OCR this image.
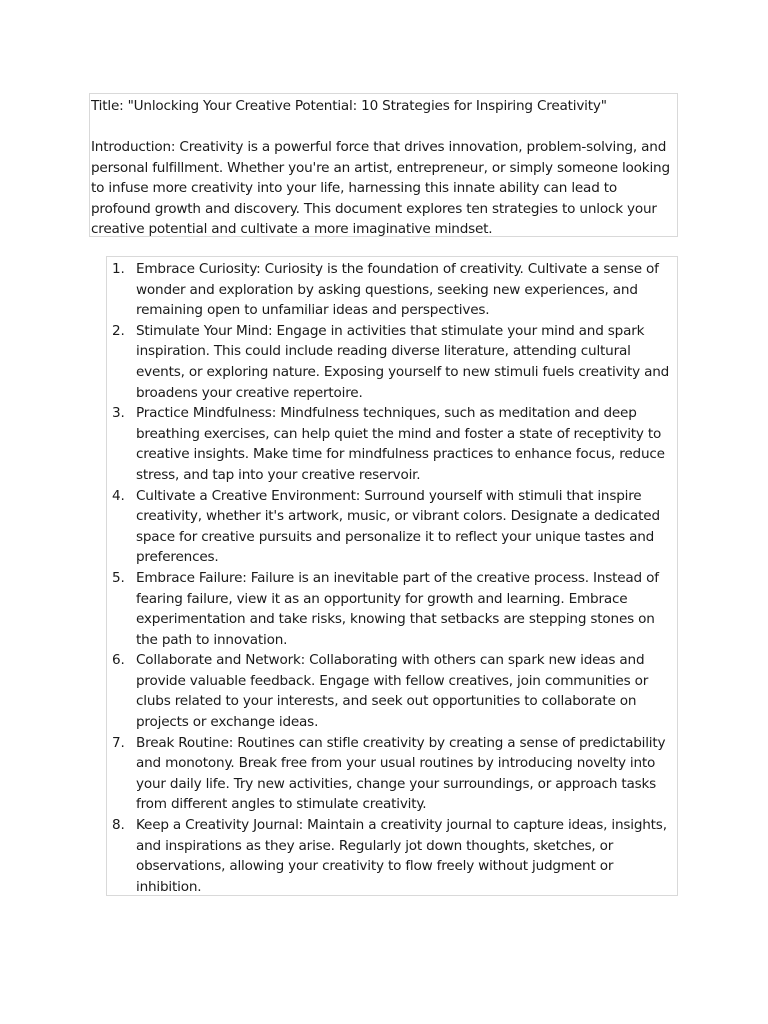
Title: "Unlocking Your Creative Potential: 10 Strategies for Inspiring Creativity"

Introduction: Creativity is a powerful force that drives innovation, problem-solving, and personal fulfillment. Whether you're an artist, entrepreneur, or simply someone looking to infuse more creativity into your life, harnessing this innate ability can lead to profound growth and discovery. This document explores ten strategies to unlock your creative potential and cultivate a more imaginative mindset.

1. Embrace Curiosity: Curiosity is the foundation of creativity. Cultivate a sense of wonder and exploration by asking questions, seeking new experiences, and remaining open to unfamiliar ideas and perspectives.
2. Stimulate Your Mind: Engage in activities that stimulate your mind and spark inspiration. This could include reading diverse literature, attending cultural events, or exploring nature. Exposing yourself to new stimuli fuels creativity and broadens your creative repertoire.
3. Practice Mindfulness: Mindfulness techniques, such as meditation and deep breathing exercises, can help quiet the mind and foster a state of receptivity to creative insights. Make time for mindfulness practices to enhance focus, reduce stress, and tap into your creative reservoir.
4. Cultivate a Creative Environment: Surround yourself with stimuli that inspire creativity, whether it's artwork, music, or vibrant colors. Designate a dedicated space for creative pursuits and personalize it to reflect your unique tastes and preferences.
5. Embrace Failure: Failure is an inevitable part of the creative process. Instead of fearing failure, view it as an opportunity for growth and learning. Embrace experimentation and take risks, knowing that setbacks are stepping stones on the path to innovation.
6. Collaborate and Network: Collaborating with others can spark new ideas and provide valuable feedback. Engage with fellow creatives, join communities or clubs related to your interests, and seek out opportunities to collaborate on projects or exchange ideas.
7. Break Routine: Routines can stifle creativity by creating a sense of predictability and monotony. Break free from your usual routines by introducing novelty into your daily life. Try new activities, change your surroundings, or approach tasks from different angles to stimulate creativity.
8. Keep a Creativity Journal: Maintain a creativity journal to capture ideas, insights, and inspirations as they arise. Regularly jot down thoughts, sketches, or observations, allowing your creativity to flow freely without judgment or inhibition.
